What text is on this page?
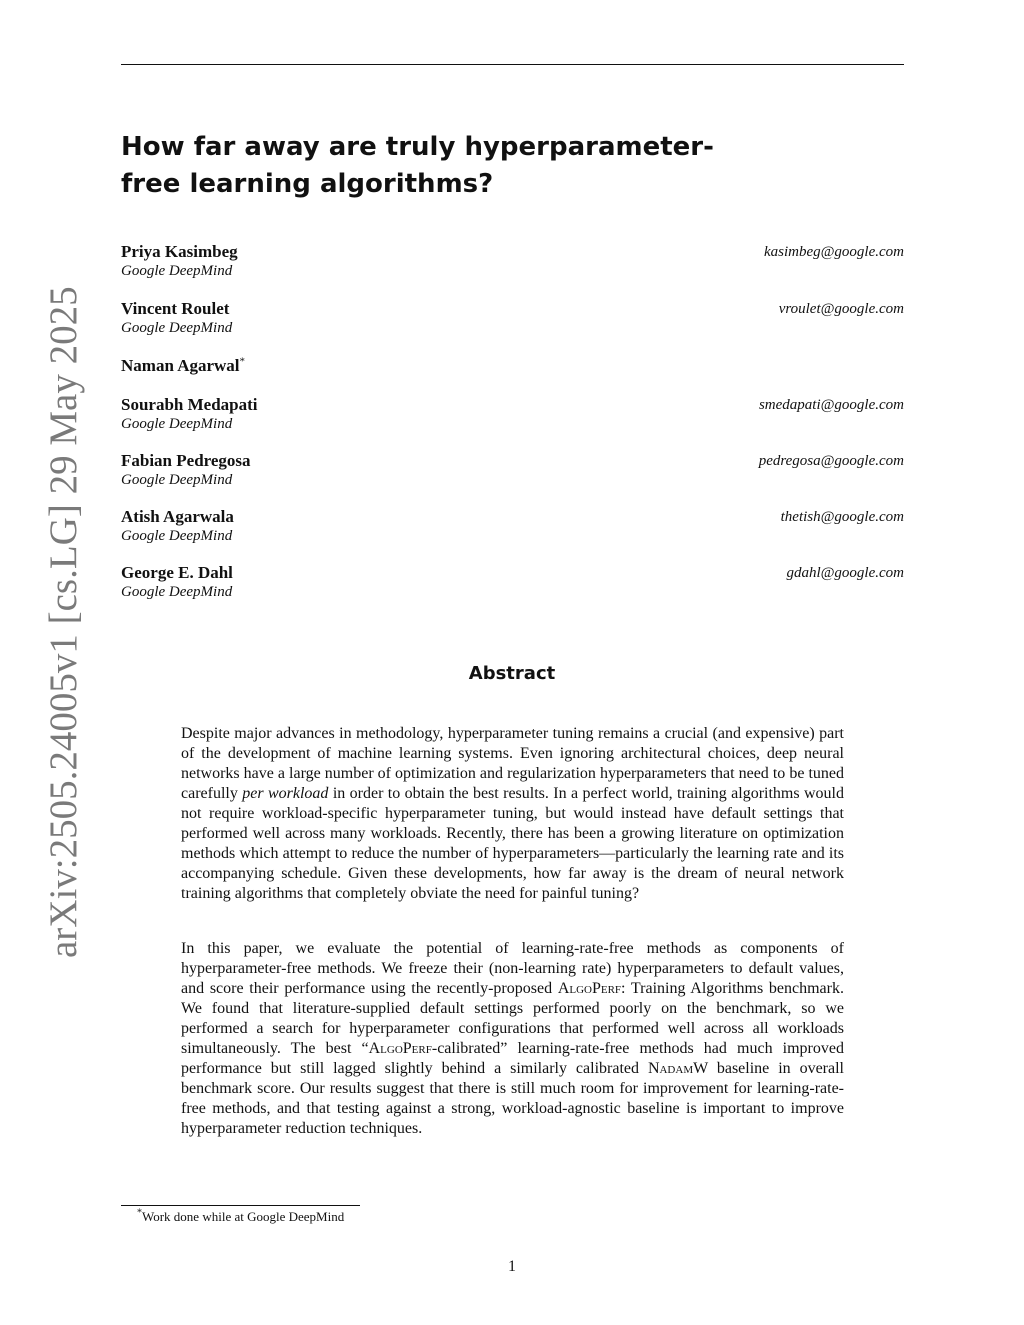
arXiv:2505.24005v1 [cs.LG] 29 May 2025
How far away are truly hyperparameter-free learning algorithms?
Priya Kasimbeg
Google DeepMind
kasimbeg@google.com
Vincent Roulet
Google DeepMind
vroulet@google.com
Naman Agarwal*
Sourabh Medapati
Google DeepMind
smedapati@google.com
Fabian Pedregosa
Google DeepMind
pedregosa@google.com
Atish Agarwala
Google DeepMind
thetish@google.com
George E. Dahl
Google DeepMind
gdahl@google.com
Abstract

Despite major advances in methodology, hyperparameter tuning remains a crucial (and expensive) part of the development of machine learning systems. Even ignoring architectural choices, deep neural networks have a large number of optimization and regularization hyperparameters that need to be tuned carefully per workload in order to obtain the best results. In a perfect world, training algorithms would not require workload-specific hyperparameter tuning, but would instead have default settings that performed well across many workloads. Recently, there has been a growing literature on optimization methods which attempt to reduce the number of hyperparameters—particularly the learning rate and its accompanying schedule. Given these developments, how far away is the dream of neural network training algorithms that completely obviate the need for painful tuning?

In this paper, we evaluate the potential of learning-rate-free methods as components of hyperparameter-free methods. We freeze their (non-learning rate) hyperparameters to default values, and score their performance using the recently-proposed AlgoPerf: Training Algorithms benchmark. We found that literature-supplied default settings performed poorly on the benchmark, so we performed a search for hyperparameter configurations that performed well across all workloads simultaneously. The best “AlgoPerf-calibrated” learning-rate-free methods had much improved performance but still lagged slightly behind a similarly calibrated NadamW baseline in overall benchmark score. Our results suggest that there is still much room for improvement for learning-rate-free methods, and that testing against a strong, workload-agnostic baseline is important to improve hyperparameter reduction techniques.

*Work done while at Google DeepMind
1
